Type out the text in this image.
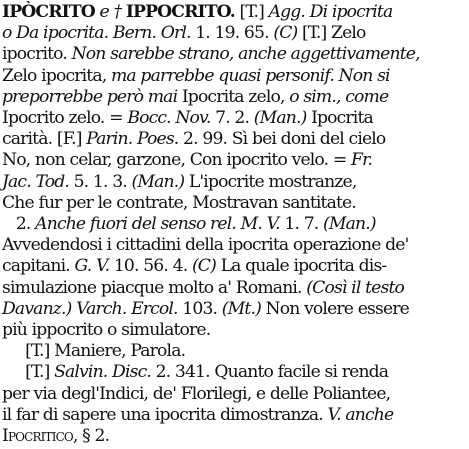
IPÒCRITO e † IPPOCRITO. [T.] Agg. Di ipocrita
o Da ipocrita. Bern. Orl. 1. 19. 65. (C) [T.] Zelo
ipocrito. Non sarebbe strano, anche aggettivamente,
Zelo ipocrita, ma parrebbe quasi personif. Non si
preporrebbe però mai Ipocrita zelo, o sim., come
Ipocrito zelo. = Bocc. Nov. 7. 2. (Man.) Ipocrita
carità. [F.] Parin. Poes. 2. 99. Sì bei doni del cielo
No, non celar, garzone, Con ipocrito velo. = Fr.
Jac. Tod. 5. 1. 3. (Man.) L'ipocrite mostranze,
Che fur per le contrate, Mostravan santitate.
2. Anche fuori del senso rel. M. V. 1. 7. (Man.)
Avvedendosi i cittadini della ipocrita operazione de'
capitani. G. V. 10. 56. 4. (C) La quale ipocrita dis-
simulazione piacque molto a' Romani. (Così il testo
Davanz.) Varch. Ercol. 103. (Mt.) Non volere essere
più ippocrito o simulatore.
[T.] Maniere, Parola.
[T.] Salvin. Disc. 2. 341. Quanto facile si renda
per via degl'Indici, de' Florilegi, e delle Polianteе,
il far di sapere una ipocrita dimostranza. V. anche
Ipocritico, § 2.
